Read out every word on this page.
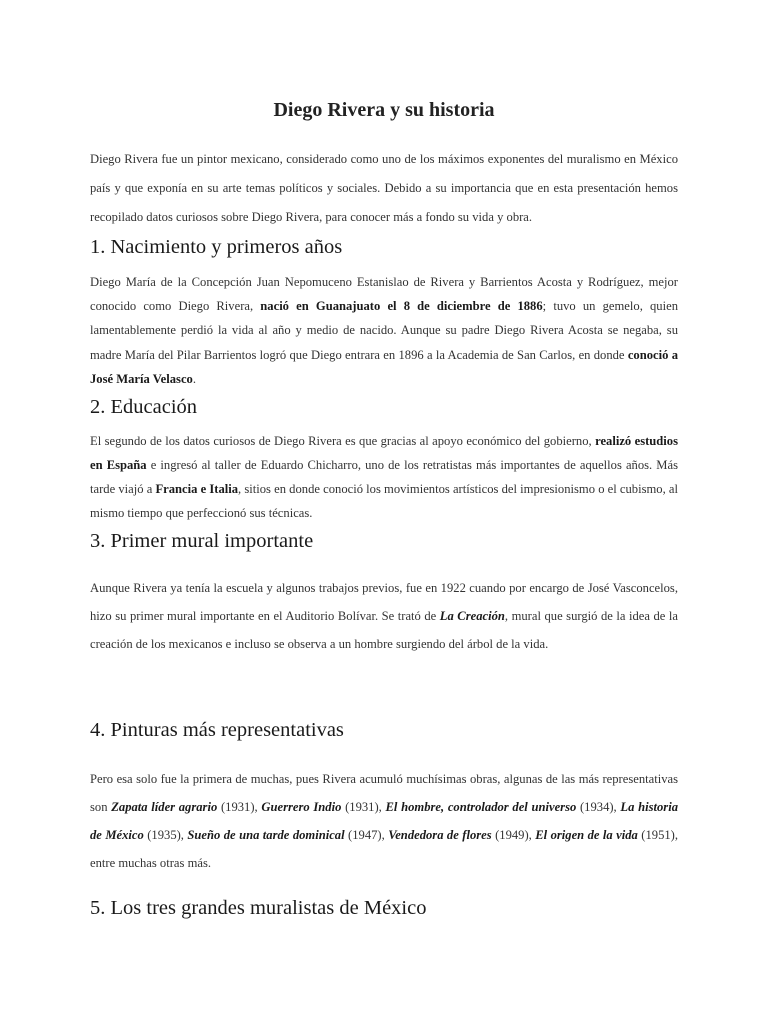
Diego Rivera y su historia

Diego Rivera fue un pintor mexicano, considerado como uno de los máximos exponentes del muralismo en México país y que exponía en su arte temas políticos y sociales. Debido a su importancia que en esta presentación hemos recopilado datos curiosos sobre Diego Rivera, para conocer más a fondo su vida y obra.

1. Nacimiento y primeros años

Diego María de la Concepción Juan Nepomuceno Estanislao de Rivera y Barrientos Acosta y Rodríguez, mejor conocido como Diego Rivera, nació en Guanajuato el 8 de diciembre de 1886; tuvo un gemelo, quien lamentablemente perdió la vida al año y medio de nacido. Aunque su padre Diego Rivera Acosta se negaba, su madre María del Pilar Barrientos logró que Diego entrara en 1896 a la Academia de San Carlos, en donde conoció a José María Velasco.

2. Educación

El segundo de los datos curiosos de Diego Rivera es que gracias al apoyo económico del gobierno, realizó estudios en España e ingresó al taller de Eduardo Chicharro, uno de los retratistas más importantes de aquellos años. Más tarde viajó a Francia e Italia, sitios en donde conoció los movimientos artísticos del impresionismo o el cubismo, al mismo tiempo que perfeccionó sus técnicas.

3. Primer mural importante

Aunque Rivera ya tenía la escuela y algunos trabajos previos, fue en 1922 cuando por encargo de José Vasconcelos, hizo su primer mural importante en el Auditorio Bolívar. Se trató de La Creación, mural que surgió de la idea de la creación de los mexicanos e incluso se observa a un hombre surgiendo del árbol de la vida.

4. Pinturas más representativas

Pero esa solo fue la primera de muchas, pues Rivera acumuló muchísimas obras, algunas de las más representativas son Zapata líder agrario (1931), Guerrero Indio (1931), El hombre, controlador del universo (1934), La historia de México (1935), Sueño de una tarde dominical (1947), Vendedora de flores (1949), El origen de la vida (1951), entre muchas otras más.

5. Los tres grandes muralistas de México
